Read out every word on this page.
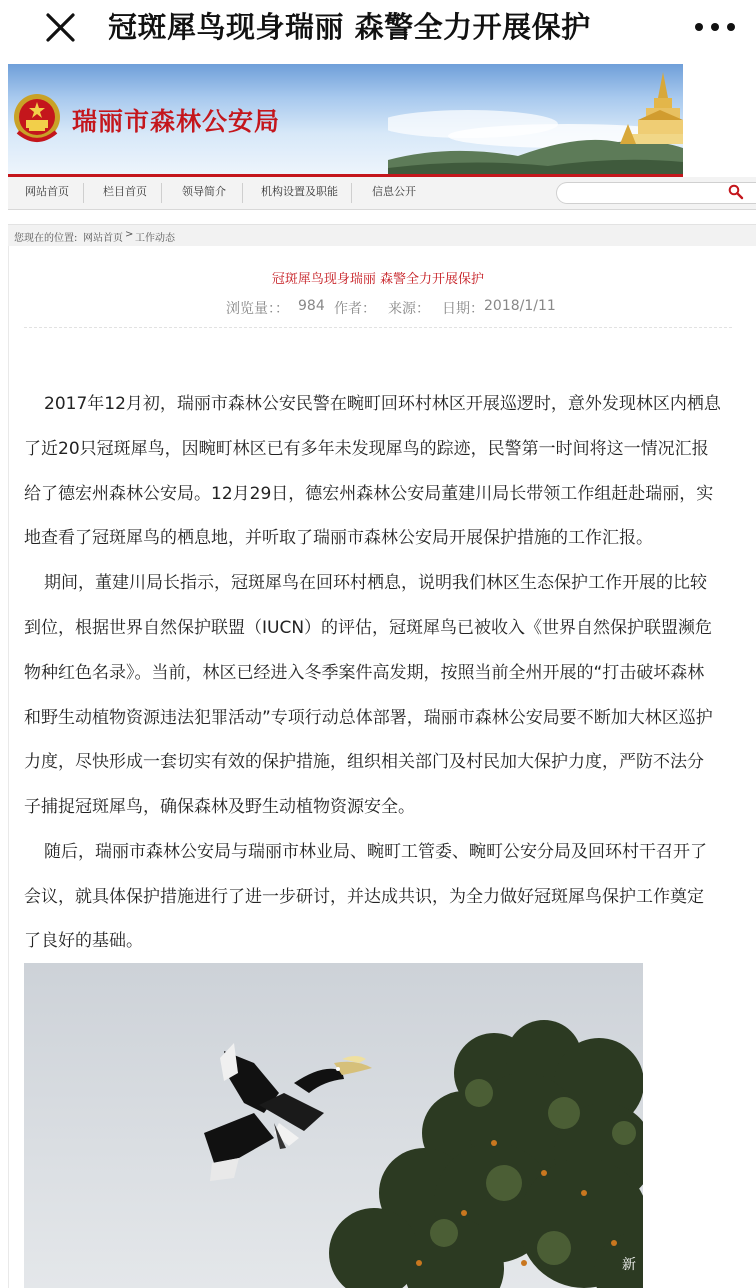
冠斑犀鸟现身瑞丽 森警全力开展保护
瑞丽市森林公安局
网站首页	栏目首页	领导简介	机构设置及职能	信息公开
您现在的位置: 网站首页 > 工作动态
冠斑犀鸟现身瑞丽 森警全力开展保护
浏览量：： 984 作者： 来源： 日期： 2018/1/11
2017年12月初，瑞丽市森林公安民警在畹町回环村林区开展巡逻时，意外发现林区内栖息
了近20只冠斑犀鸟，因畹町林区已有多年未发现犀鸟的踪迹，民警第一时间将这一情况汇报
给了德宏州森林公安局。12月29日，德宏州森林公安局董建川局长带领工作组赶赴瑞丽，实
地查看了冠斑犀鸟的栖息地，并听取了瑞丽市森林公安局开展保护措施的工作汇报。
期间，董建川局长指示，冠斑犀鸟在回环村栖息，说明我们林区生态保护工作开展的比较
到位，根据世界自然保护联盟（IUCN）的评估，冠斑犀鸟已被收入《世界自然保护联盟濒危
物种红色名录》。当前，林区已经进入冬季案件高发期，按照当前全州开展的“打击破坏森林
和野生动植物资源违法犯罪活动”专项行动总体部署，瑞丽市森林公安局要不断加大林区巡护
力度，尽快形成一套切实有效的保护措施，组织相关部门及村民加大保护力度，严防不法分
子捕捉冠斑犀鸟，确保森林及野生动植物资源安全。
随后，瑞丽市森林公安局与瑞丽市林业局、畹町工管委、畹町公安分局及回环村干召开了
会议，就具体保护措施进行了进一步研讨，并达成共识，为全力做好冠斑犀鸟保护工作奠定
了良好的基础。
新
